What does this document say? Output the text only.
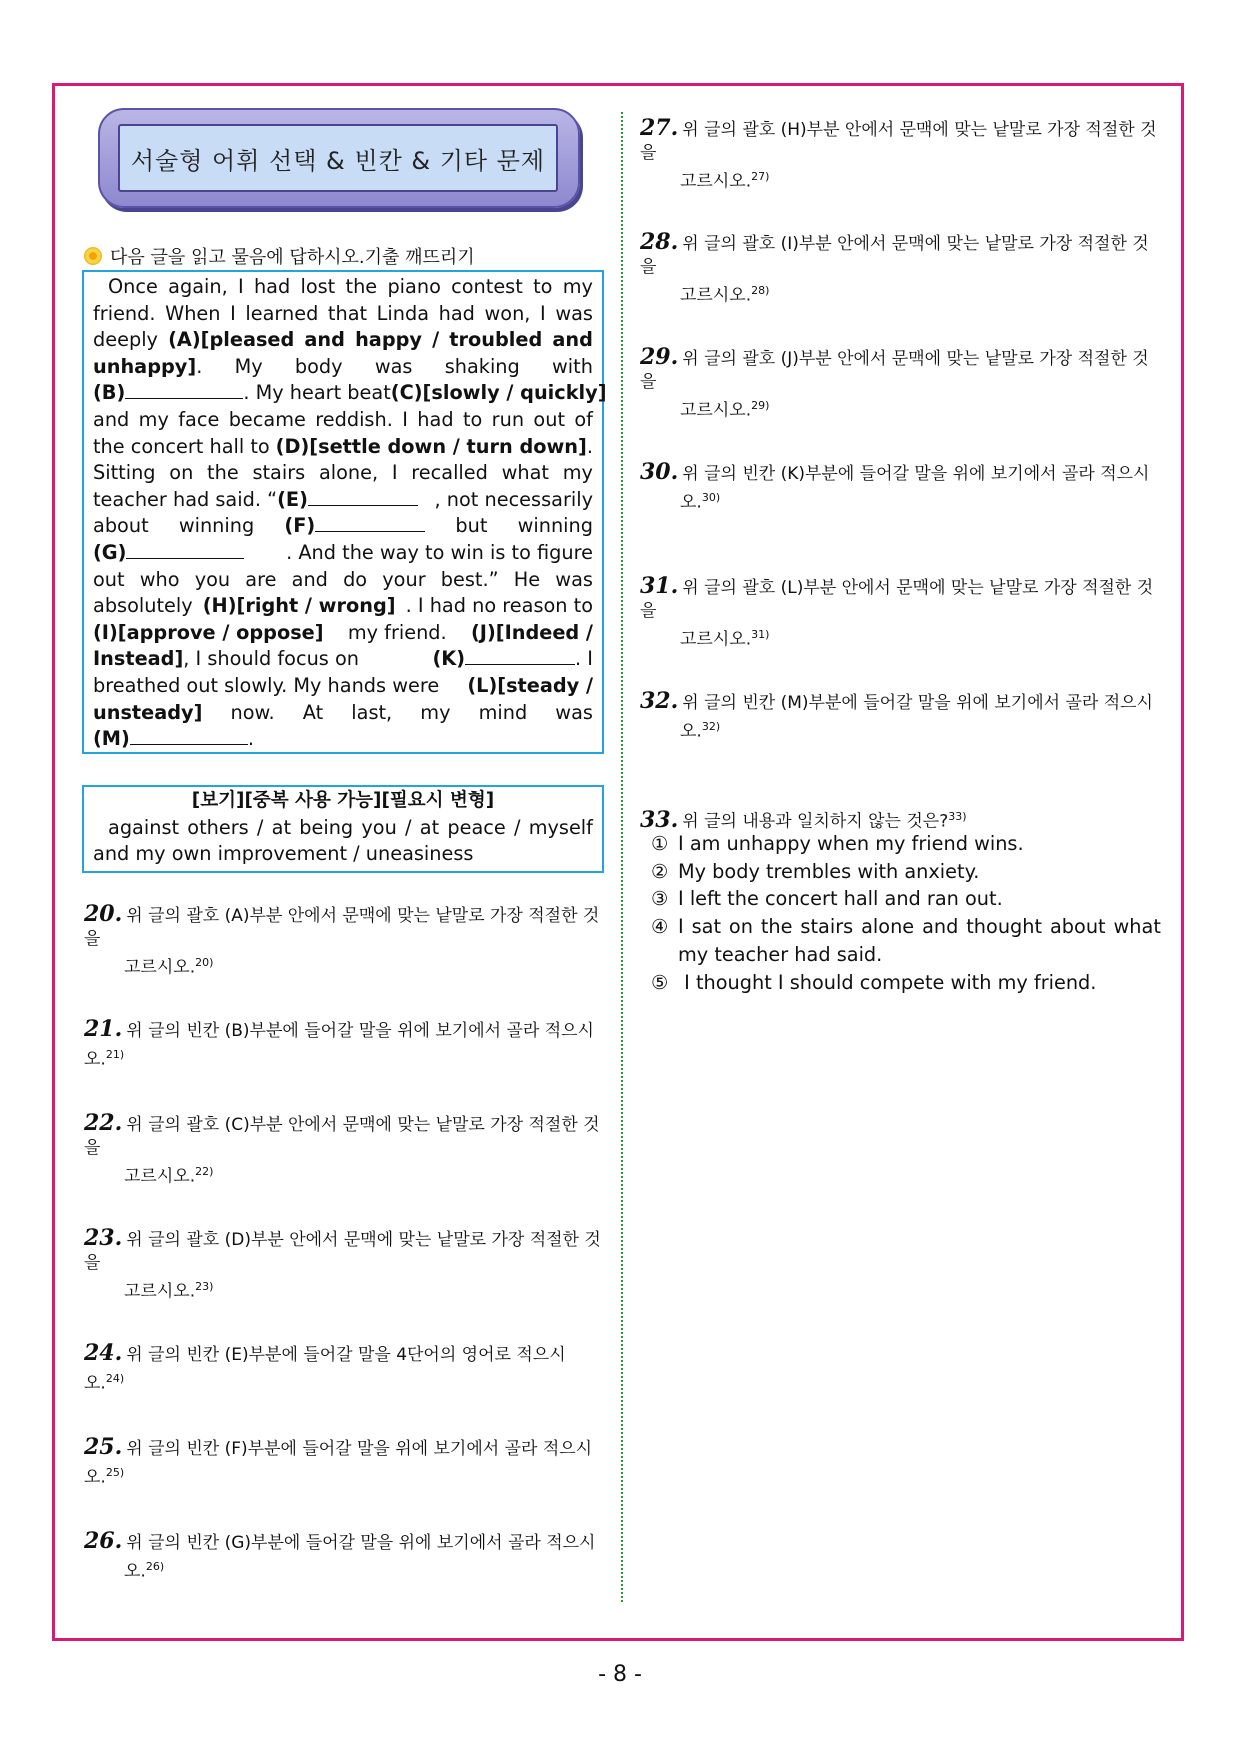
서술형 어휘 선택 & 빈칸 & 기타 문제
다음 글을 읽고 물음에 답하시오.기출 깨뜨리기
Once again, I had lost the piano contest to my
friend. When I learned that Linda had won, I was
deeply (A)[pleased and happy / troubled and
unhappy]. My body was shaking with
(B)	. My heart beat (C)[slowly / quickly]
and my face became reddish. I had to run out of
the concert hall to (D)[settle down / turn down].
Sitting on the stairs alone, I recalled what my
teacher had said. “(E)	, not necessarily
about winning (F)	but winning
(G)	. And the way to win is to figure
out who you are and do your best.” He was
absolutely (H)[right / wrong] . I had no reason to
(I)[approve / oppose] my friend. (J)[Indeed /
Instead], I should focus on	(K)	. I
breathed out slowly. My hands were (L)[steady /
unsteady] now. At last, my mind was
(M)	.
[보기][중복 사용 가능][필요시 변형]
against others / at being you / at peace / myself
and my own improvement / uneasiness
20. 위 글의 괄호 (A)부분 안에서 문맥에 맞는 낱말로 가장 적절한 것을
고르시오.$^{20)}$
21. 위 글의 빈칸 (B)부분에 들어갈 말을 위에 보기에서 골라 적으시오.$^{21)}$
22. 위 글의 괄호 (C)부분 안에서 문맥에 맞는 낱말로 가장 적절한 것을
고르시오.$^{22)}$
23. 위 글의 괄호 (D)부분 안에서 문맥에 맞는 낱말로 가장 적절한 것을
고르시오.$^{23)}$
24. 위 글의 빈칸 (E)부분에 들어갈 말을 4단어의 영어로 적으시오.$^{24)}$
25. 위 글의 빈칸 (F)부분에 들어갈 말을 위에 보기에서 골라 적으시오.$^{25)}$
26. 위 글의 빈칸 (G)부분에 들어갈 말을 위에 보기에서 골라 적으시
오.$^{26)}$
27. 위 글의 괄호 (H)부분 안에서 문맥에 맞는 낱말로 가장 적절한 것을
고르시오.$^{27)}$
28. 위 글의 괄호 (I)부분 안에서 문맥에 맞는 낱말로 가장 적절한 것을
고르시오.$^{28)}$
29. 위 글의 괄호 (J)부분 안에서 문맥에 맞는 낱말로 가장 적절한 것을
고르시오.$^{29)}$
30. 위 글의 빈칸 (K)부분에 들어갈 말을 위에 보기에서 골라 적으시
오.$^{30)}$
31. 위 글의 괄호 (L)부분 안에서 문맥에 맞는 낱말로 가장 적절한 것을
고르시오.$^{31)}$
32. 위 글의 빈칸 (M)부분에 들어갈 말을 위에 보기에서 골라 적으시
오.$^{32)}$
33. 위 글의 내용과 일치하지 않는 것은?$^{33)}$
① I am unhappy when my friend wins.
② My body trembles with anxiety.
③ I left the concert hall and ran out.
④ I sat on the stairs alone and thought about what
my teacher had said.
⑤ I thought I should compete with my friend.
- 8 -
